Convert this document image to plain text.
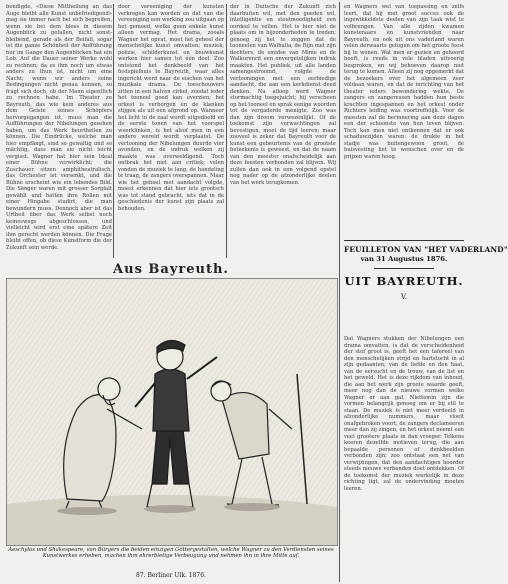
bendigde, «Diese Mittheilung an das Auge bleibt alle Kunst unbefriedigend» mag sie immer nach bei sich begreifen, wenn sie bei dem bloss in diesem Augenblick zu gefallen, nicht sonst-bleibend, gerade als der Beifall, sogar ist die ganze Schönheit der Aufführung nur im Gange den Augenblicken hat ein Lob. Auf die Dauer seiner Werke wohl zu rechnen; da es ihm noch um etwas anders zu thun ist, nicht um eine Nacht; wenn wir anders seine Bedingungen nicht genau kennen, so fragt sich doch, ob der Mann eigentlich zu rechnen habe. Im Theater zu Bayreuth, das wie kein anderes aus dem Geiste seines Schöpfers hervorgegangen ist, muss man die Aufführungen der Nibelungen gesehen haben, um das Werk beurtheilen zu können. Die Eindrücke, welche man hier empfängt, sind so gewaltig und so mächtig, dass man sie nicht leicht vergisst. Wagner hat hier sein Ideal einer Bühne verwirklicht; die Zuschauer sitzen amphitheatralisch, das Orchester ist versenkt, und die Bühne erscheint wie ein lebendes Bild. Die Sänger waren mit grosser Sorgfalt gewählt und hatten ihre Rollen mit einer Hingabe studirt, die man bewundern muss. Dennoch aber ist das Urtheil über das Werk selbst noch keineswegs abgeschlossen, und vielleicht wird erst eine spätere Zeit ihm gerecht werden können. Die Frage bleibt offen, ob diese Kunstform die der Zukunft sein werde.
door vereeniging der kunsten verkregen kan worden en dat van die vereeniging een werking zou uitgaan op het gemoed, welke geen enkele kunst alleen vermag. Het drama, zooals Wagner het opvat, moet het geheel der menschelijke kunst omvatten; muziek, poëzie, schilderkunst en bouwkunst werken hier samen tot één doel. Zoo ontstond het denkbeeld van het festspielhuis te Bayreuth, waar alles ingericht werd naar de eischen van het muzikale drama. De toeschouwers zitten in een halven cirkel, zoodat ieder het tooneel goed kan overzien; het orkest is verborgen en de klanken stijgen als uit een afgrond op. Wanneer het licht in de zaal wordt uitgedoofd en de eerste tonen van het voorspel weerklinken, is het alsof men in een andere wereld wordt verplaatst. De vertooning der Nibelungen duurde vier avonden, en de indruk welken zij maakte was overweldigend. Toch ontbrak het niet aan critiek; velen vonden de muziek te lang, de handeling te traag, de zangers overspannen. Maar wie het geheel met aandacht volgde, moest erkennen dat hier iets grootsch was tot stand gebracht, iets dat in de geschiedenis der kunst zijn plaats zal behouden.
der in Duitsche der Zukunft zich daarbuiten wil, met den goeden wil, intelligentie en stoutmoedigheid een oordeel te vellen. Het is hier niet de plaats om in bijzonderheden te treden; genoeg zij het te zeggen dat de tooneelen van Walhalla, de Rijn met zijn dochters, de smidse van Mime en de Walkurenrit een onvergetelijken indruk maakten. Het publiek, uit alle landen samengestroomd, volgde de vertooningen met een eerbiedige aandacht, die aan een kerkdienst deed denken. Na afloop werd Wagner stormachtig toegejuicht; hij verscheen op het tooneel en sprak eenige woorden tot de vergaderde menigte. Zoo was dan zijn droom verwezenlijkt. Of de toekomst zijn verwachtingen zal bevestigen, moet de tijd leeren; maar zooveel is zeker dat Bayreuth voor de kunst een gebeurtenis van de grootste beteekenis is geweest, en dat de naam van den meester onafscheidelijk aan deze feesten verbonden zal blijven. Wij zullen dan ook in een volgend opstel nog nader op de afzonderlijke deelen van het werk terugkomen.
en Wagners wel van toepassing en zelfs leert, dat hij met groot succes ook de ingewikkeldste deelen van zijn taak wist te volbrengen. Van alle zijden kwamen kunstenaars en kunstvrienden naar Bayreuth, en ook uit ons vaderland waren velen derwaarts getogen om het groote feest bij te wonen. Wat men er gezien en gehoord heeft, is reeds in vele bladen uitvoerig besproken, en wij behoeven daarop niet terug te komen. Alleen zij nog opgemerkt dat de bezoekers over het algemeen zeer voldaan waren, en dat de inrichting van het theater ieders bewondering wekte. De zangers en zangeressen hadden hun beste krachten ingespannen en het orkest onder Richters leiding was voortreffelijk. Voor de meesten zal de herinnering aan deze dagen een der schoonste van hun leven blijven. Toch kan men niet ontkennen dat er ook schaduwzijden waren: de drukte in het stadje was buitengewoon groot, de huisvesting liet te wenschen over en de prijzen waren hoog.
Aus Bayreuth.
Aeschylos und Shakespeare, von Bürgers die beiden einzigen Göttergestalten, welche Wagner zu den Verdiensten seines Kunstwerkes erheben, machen ihm ehrerbietige Verbeugung und nehmen ihn in ihre Mitte auf.
87. Berliner Ulk. 1876.
FEUILLETON VAN "HET VADERLAND"
van 31 Augustus 1876.
UIT BAYREUTH.
V.
Dat Wagners stukken der Nibelungen een drama omvatten, is dat de verscheidenheid der stof groot is, geeft het een tafereel van den menschelijken strijd en hartstocht in al zijn gedaanten; van de liefde en den haat, van de eerzucht en de trouw, van de list en het geweld. Het is deze rijkdom van inhoud, die aan het werk zijn groote waarde geeft, meer nog dan de nieuwe vormen welke Wagner er aan gaf. Niettemin zijn die vormen belangrijk genoeg om er bij stil te staan. De muziek is niet meer verdeeld in afzonderlijke nummers, maar vloeit onafgebroken voort; de zangers declameeren meer dan zij zingen, en het orkest neemt een veel grootere plaats in dan vroeger. Telkens keeren dezelfde motieven terug, die aan bepaalde personen of denkbeelden verbonden zijn; zoo ontstaat een net van verwijzingen, dat den aandachtigen hoorder steeds nieuwe verbanden doet ontdekken. Of de toekomst der muziek werkelijk in deze richting ligt, zal de ondervinding moeten leeren.
